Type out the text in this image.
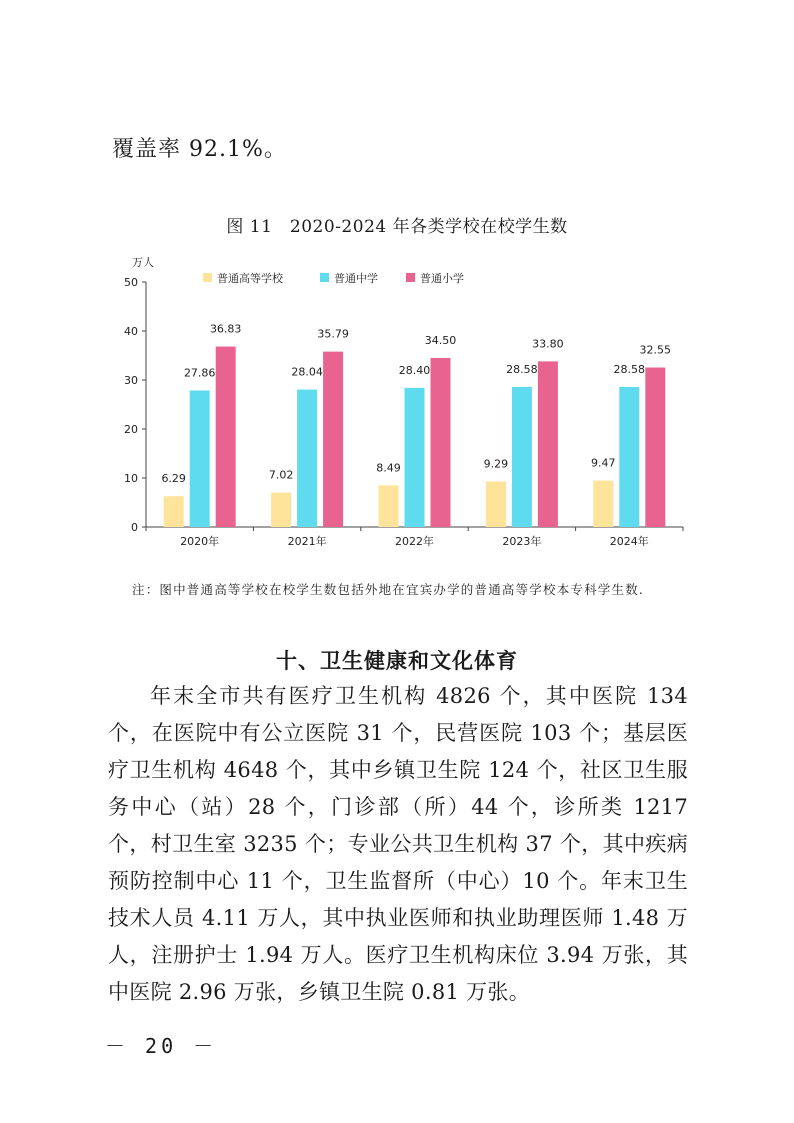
覆盖率 92.1%。
图 11　2020-2024 年各类学校在校学生数
0
10
20
30
40
50
万人
普通高等学校	普通中学	普通小学
2020年
6.29
27.86
36.83
2021年
7.02
28.04
35.79
2022年
8.49
28.40
34.50
2023年
9.29
28.58
33.80
2024年
9.47
28.58
32.55
注：图中普通高等学校在校学生数包括外地在宜宾办学的普通高等学校本专科学生数.
十、卫生健康和文化体育
年末全市共有医疗卫生机构 4826 个，其中医院 134 个，在医院中有公立医院 31 个，民营医院 103 个；基层医疗卫生机构 4648 个，其中乡镇卫生院 124 个，社区卫生服务中心（站）28 个，门诊部（所）44 个，诊所类 1217 个，村卫生室 3235 个；专业公共卫生机构 37 个，其中疾病预防控制中心 11 个，卫生监督所（中心）10 个。年末卫生技术人员 4.11 万人，其中执业医师和执业助理医师 1.48 万人，注册护士 1.94 万人。医疗卫生机构床位 3.94 万张，其中医院 2.96 万张，乡镇卫生院 0.81 万张。
－ 20 －
